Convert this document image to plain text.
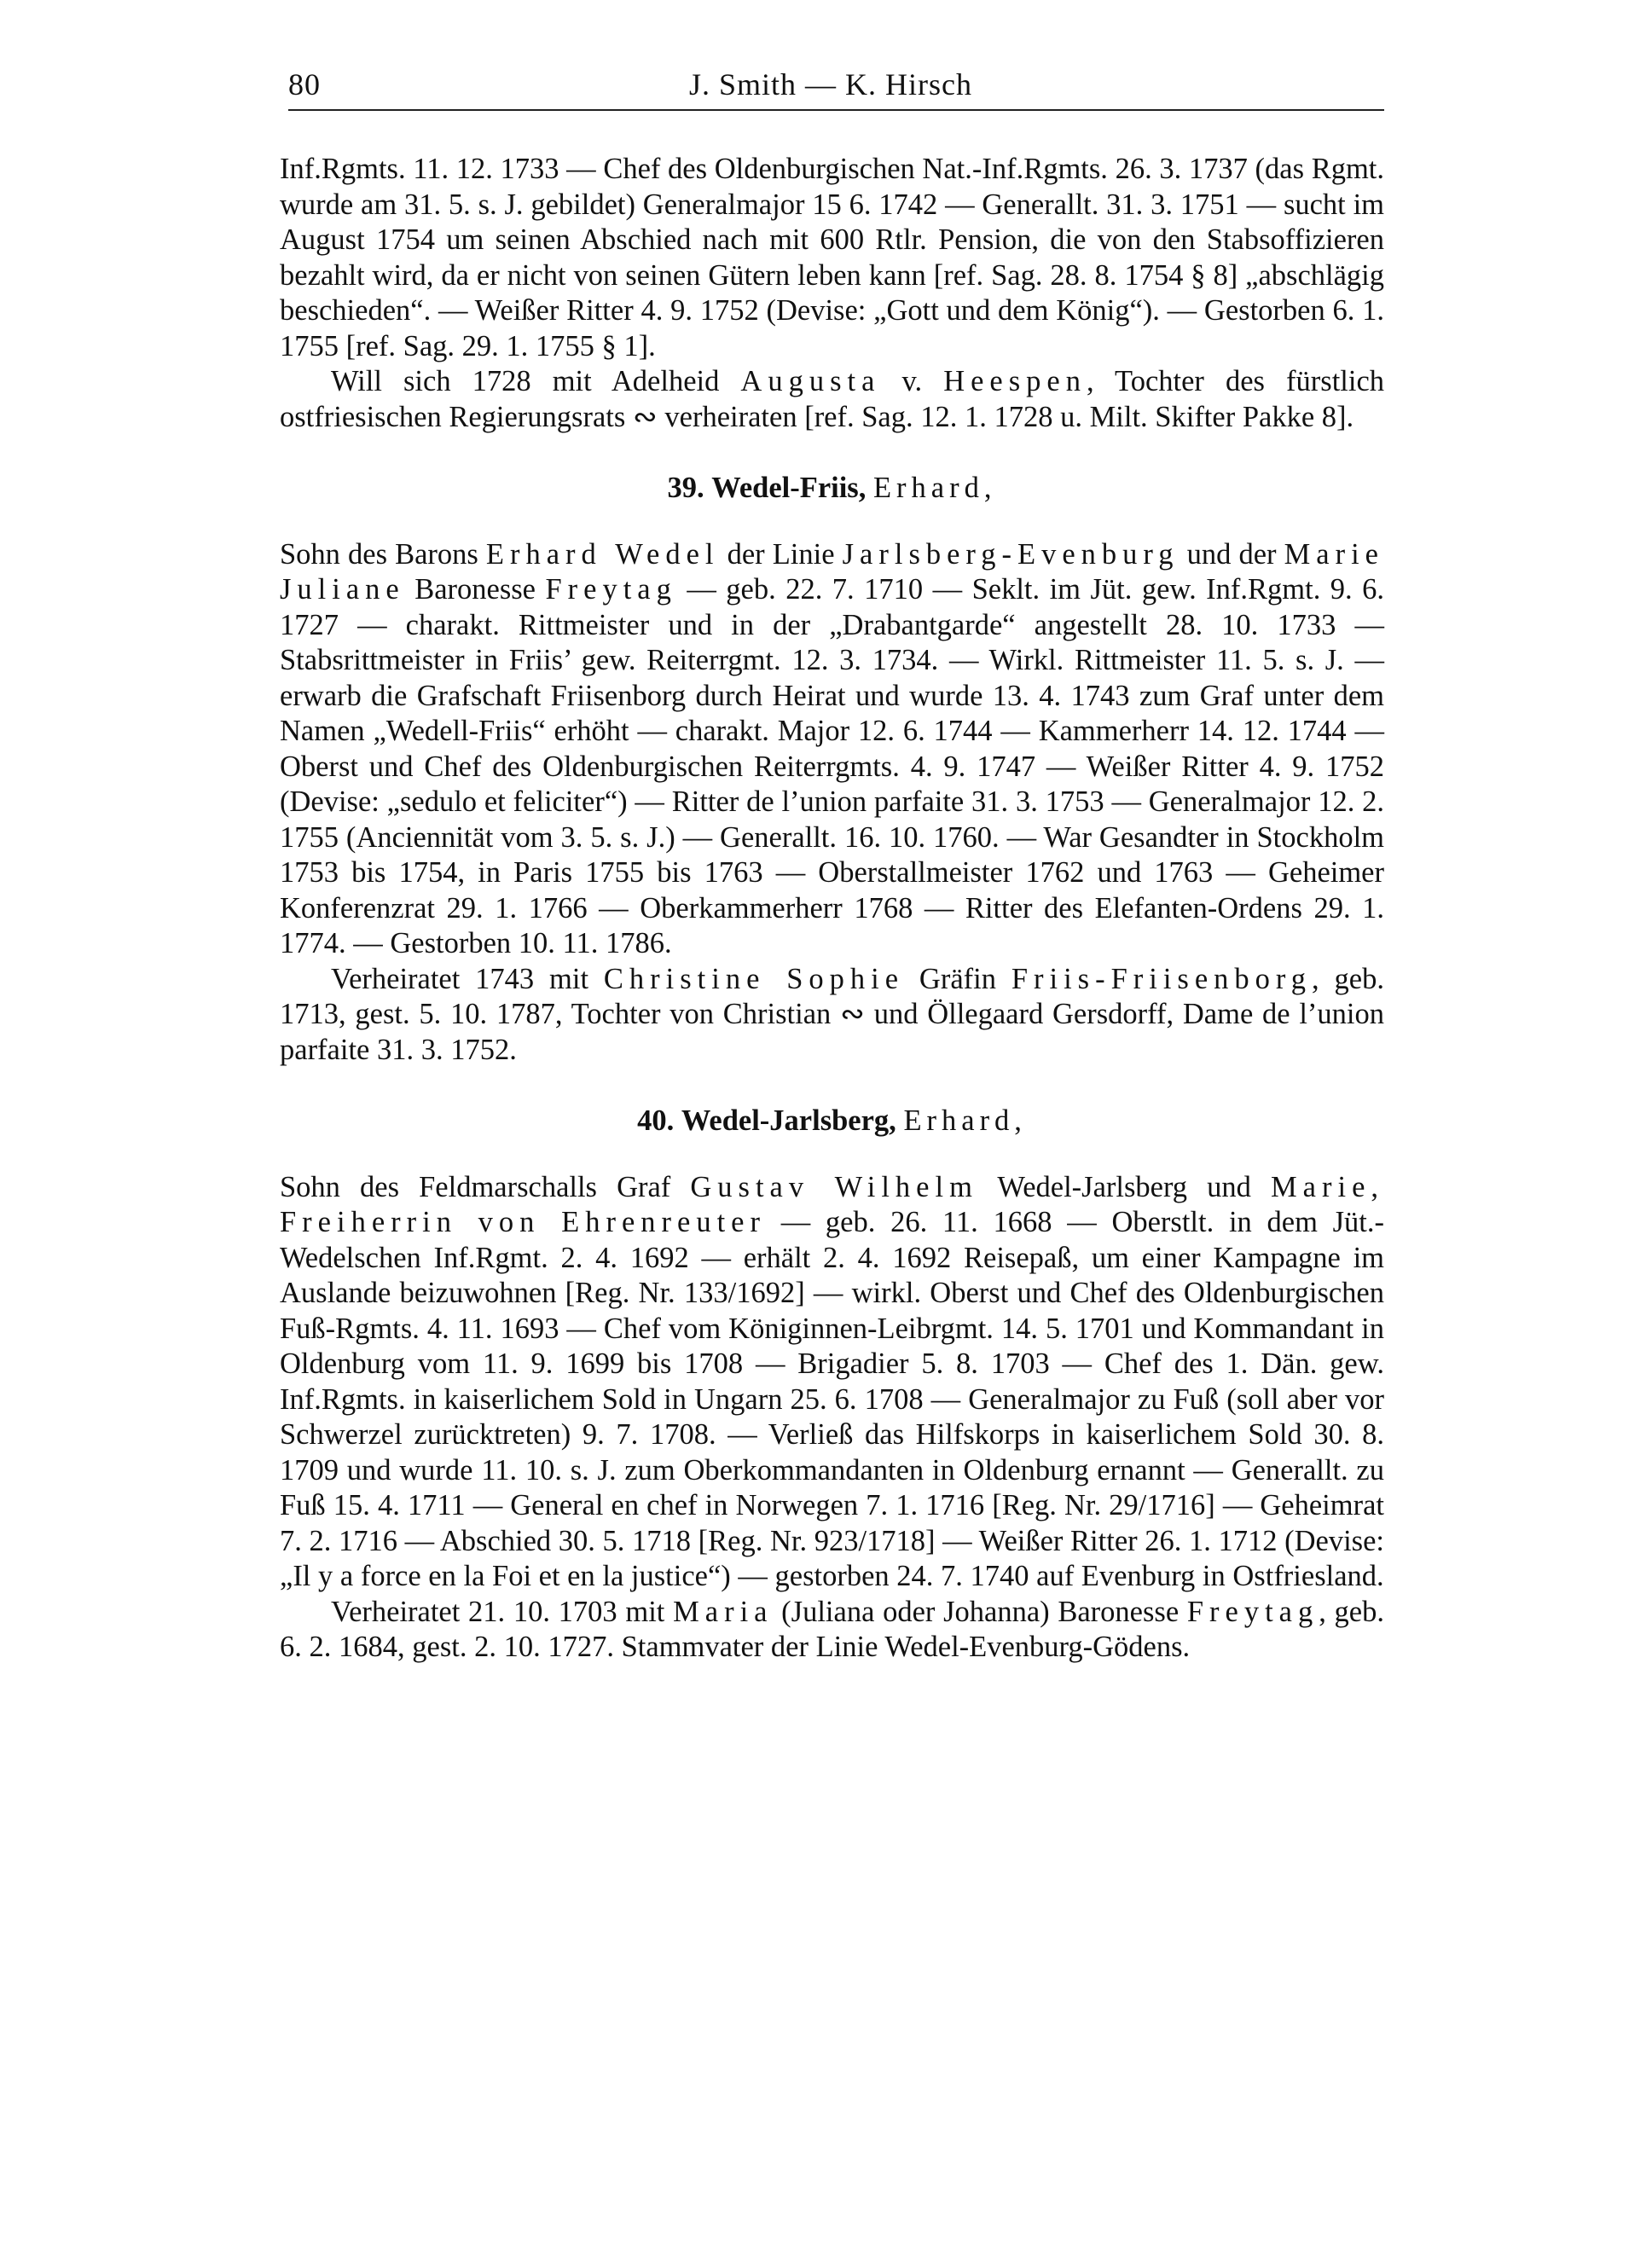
80	J. Smith — K. Hirsch

Inf.Rgmts. 11. 12. 1733 — Chef des Oldenburgischen Nat.-Inf.Rgmts. 26. 3. 1737 (das Rgmt. wurde am 31. 5. s. J. gebildet) Generalmajor 15 6. 1742 — Generallt. 31. 3. 1751 — sucht im August 1754 um seinen Abschied nach mit 600 Rtlr. Pension, die von den Stabsoffizieren bezahlt wird, da er nicht von seinen Gütern leben kann [ref. Sag. 28. 8. 1754 § 8] „abschlägig beschieden“. — Weißer Ritter 4. 9. 1752 (Devise: „Gott und dem König“). — Gestorben 6. 1. 1755 [ref. Sag. 29. 1. 1755 § 1].

Will sich 1728 mit Adelheid Augusta v. Heespen, Tochter des fürstlich ostfriesischen Regierungsrats ∾ verheiraten [ref. Sag. 12. 1. 1728 u. Milt. Skifter Pakke 8].

39. Wedel-Friis, Erhard,

Sohn des Barons Erhard Wedel der Linie Jarlsberg-Evenburg und der Marie Juliane Baronesse Freytag — geb. 22. 7. 1710 — Seklt. im Jüt. gew. Inf.Rgmt. 9. 6. 1727 — charakt. Rittmeister und in der „Drabantgarde“ angestellt 28. 10. 1733 — Stabsrittmeister in Friis’ gew. Reiterrgmt. 12. 3. 1734. — Wirkl. Rittmeister 11. 5. s. J. — erwarb die Grafschaft Friisenborg durch Heirat und wurde 13. 4. 1743 zum Graf unter dem Namen „Wedell-Friis“ erhöht — charakt. Major 12. 6. 1744 — Kammerherr 14. 12. 1744 — Oberst und Chef des Oldenburgischen Reiterrgmts. 4. 9. 1747 — Weißer Ritter 4. 9. 1752 (Devise: „sedulo et feliciter“) — Ritter de l’union parfaite 31. 3. 1753 — Generalmajor 12. 2. 1755 (Anciennität vom 3. 5. s. J.) — Generallt. 16. 10. 1760. — War Gesandter in Stockholm 1753 bis 1754, in Paris 1755 bis 1763 — Oberstallmeister 1762 und 1763 — Geheimer Konferenzrat 29. 1. 1766 — Oberkammerherr 1768 — Ritter des Elefanten-Ordens 29. 1. 1774. — Gestorben 10. 11. 1786.

Verheiratet 1743 mit Christine Sophie Gräfin Friis-Friisenborg, geb. 1713, gest. 5. 10. 1787, Tochter von Christian ∾ und Öllegaard Gersdorff, Dame de l’union parfaite 31. 3. 1752.

40. Wedel-Jarlsberg, Erhard,

Sohn des Feldmarschalls Graf Gustav Wilhelm Wedel-Jarlsberg und Marie, Freiherrin von Ehrenreuter — geb. 26. 11. 1668 — Oberstlt. in dem Jüt.-Wedelschen Inf.Rgmt. 2. 4. 1692 — erhält 2. 4. 1692 Reisepaß, um einer Kampagne im Auslande beizuwohnen [Reg. Nr. 133/1692] — wirkl. Oberst und Chef des Oldenburgischen Fuß-Rgmts. 4. 11. 1693 — Chef vom Königinnen-Leibrgmt. 14. 5. 1701 und Kommandant in Oldenburg vom 11. 9. 1699 bis 1708 — Brigadier 5. 8. 1703 — Chef des 1. Dän. gew. Inf.Rgmts. in kaiserlichem Sold in Ungarn 25. 6. 1708 — Generalmajor zu Fuß (soll aber vor Schwerzel zurücktreten) 9. 7. 1708. — Verließ das Hilfskorps in kaiserlichem Sold 30. 8. 1709 und wurde 11. 10. s. J. zum Oberkommandanten in Oldenburg ernannt — Generallt. zu Fuß 15. 4. 1711 — General en chef in Norwegen 7. 1. 1716 [Reg. Nr. 29/1716] — Geheimrat 7. 2. 1716 — Abschied 30. 5. 1718 [Reg. Nr. 923/1718] — Weißer Ritter 26. 1. 1712 (Devise: „Il y a force en la Foi et en la justice“) — gestorben 24. 7. 1740 auf Evenburg in Ostfriesland.

Verheiratet 21. 10. 1703 mit Maria (Juliana oder Johanna) Baronesse Freytag, geb. 6. 2. 1684, gest. 2. 10. 1727. Stammvater der Linie Wedel-Evenburg-Gödens.
